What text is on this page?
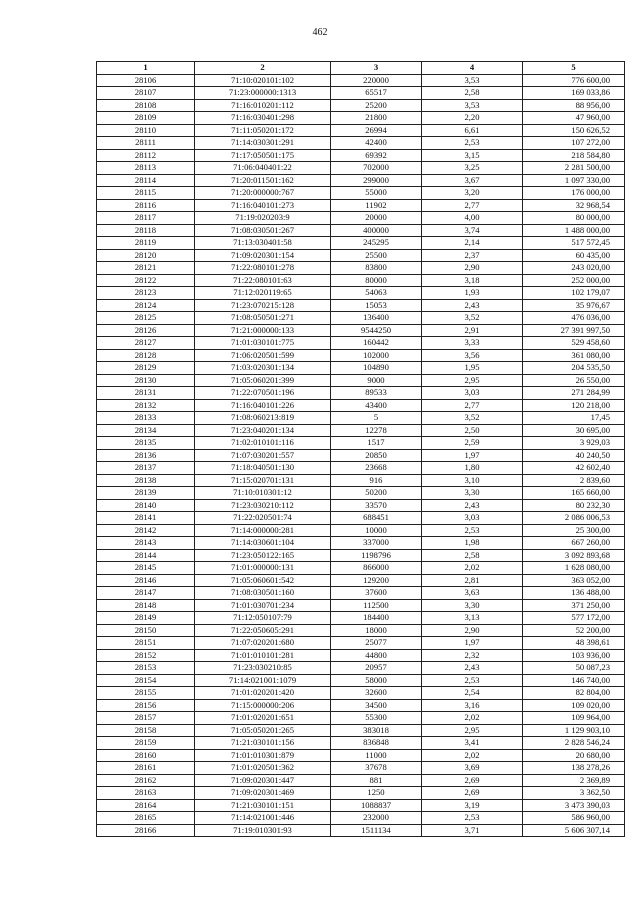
462
1	2	3	4	5
28106	71:10:020101:102	220000	3,53	776 600,00
28107	71:23:000000:1313	65517	2,58	169 033,86
28108	71:16:010201:112	25200	3,53	88 956,00
28109	71:16:030401:298	21800	2,20	47 960,00
28110	71:11:050201:172	26994	6,61	150 626,52
28111	71:14:030301:291	42400	2,53	107 272,00
28112	71:17:050501:175	69392	3,15	218 584,80
28113	71:06:040401:22	702000	3,25	2 281 500,00
28114	71:20:011501:162	299000	3,67	1 097 330,00
28115	71:20:000000:767	55000	3,20	176 000,00
28116	71:16:040101:273	11902	2,77	32 968,54
28117	71:19:020203:9	20000	4,00	80 000,00
28118	71:08:030501:267	400000	3,74	1 488 000,00
28119	71:13:030401:58	245295	2,14	517 572,45
28120	71:09:020301:154	25500	2,37	60 435,00
28121	71:22:080101:278	83800	2,90	243 020,00
28122	71:22:080101:63	80000	3,18	252 000,00
28123	71:12:020119:65	54063	1,93	102 179,07
28124	71:23:070215:128	15053	2,43	35 976,67
28125	71:08:050501:271	136400	3,52	476 036,00
28126	71:21:000000:133	9544250	2,91	27 391 997,50
28127	71:01:030101:775	160442	3,33	529 458,60
28128	71:06:020501:599	102000	3,56	361 080,00
28129	71:03:020301:134	104890	1,95	204 535,50
28130	71:05:060201:399	9000	2,95	26 550,00
28131	71:22:070501:196	89533	3,03	271 284,99
28132	71:16:040101:226	43400	2,77	120 218,00
28133	71:08:060213:819	5	3,52	17,45
28134	71:23:040201:134	12278	2,50	30 695,00
28135	71:02:010101:116	1517	2,59	3 929,03
28136	71:07:030201:557	20850	1,97	40 240,50
28137	71:18:040501:130	23668	1,80	42 602,40
28138	71:15:020701:131	916	3,10	2 839,60
28139	71:10:010301:12	50200	3,30	165 660,00
28140	71:23:030210:112	33570	2,43	80 232,30
28141	71:22:020501:74	688451	3,03	2 086 006,53
28142	71:14:000000:281	10000	2,53	25 300,00
28143	71:14:030601:104	337000	1,98	667 260,00
28144	71:23:050122:165	1198796	2,58	3 092 893,68
28145	71:01:000000:131	866000	2,02	1 628 080,00
28146	71:05:060601:542	129200	2,81	363 052,00
28147	71:08:030501:160	37600	3,63	136 488,00
28148	71:01:030701:234	112500	3,30	371 250,00
28149	71:12:050107:79	184400	3,13	577 172,00
28150	71:22:050605:291	18000	2,90	52 200,00
28151	71:07:020201:680	25077	1,97	48 398,61
28152	71:01:010101:281	44800	2,32	103 936,00
28153	71:23:030210:85	20957	2,43	50 087,23
28154	71:14:021001:1079	58000	2,53	146 740,00
28155	71:01:020201:420	32600	2,54	82 804,00
28156	71:15:000000:206	34500	3,16	109 020,00
28157	71:01:020201:651	55300	2,02	109 964,00
28158	71:05:050201:265	383018	2,95	1 129 903,10
28159	71:21:030101:156	836848	3,41	2 828 546,24
28160	71:01:010301:879	11000	2,02	20 680,00
28161	71:01:020501:362	37678	3,69	138 278,26
28162	71:09:020301:447	881	2,69	2 369,89
28163	71:09:020301:469	1250	2,69	3 362,50
28164	71:21:030101:151	1088837	3,19	3 473 390,03
28165	71:14:021001:446	232000	2,53	586 960,00
28166	71:19:010301:93	1511134	3,71	5 606 307,14
